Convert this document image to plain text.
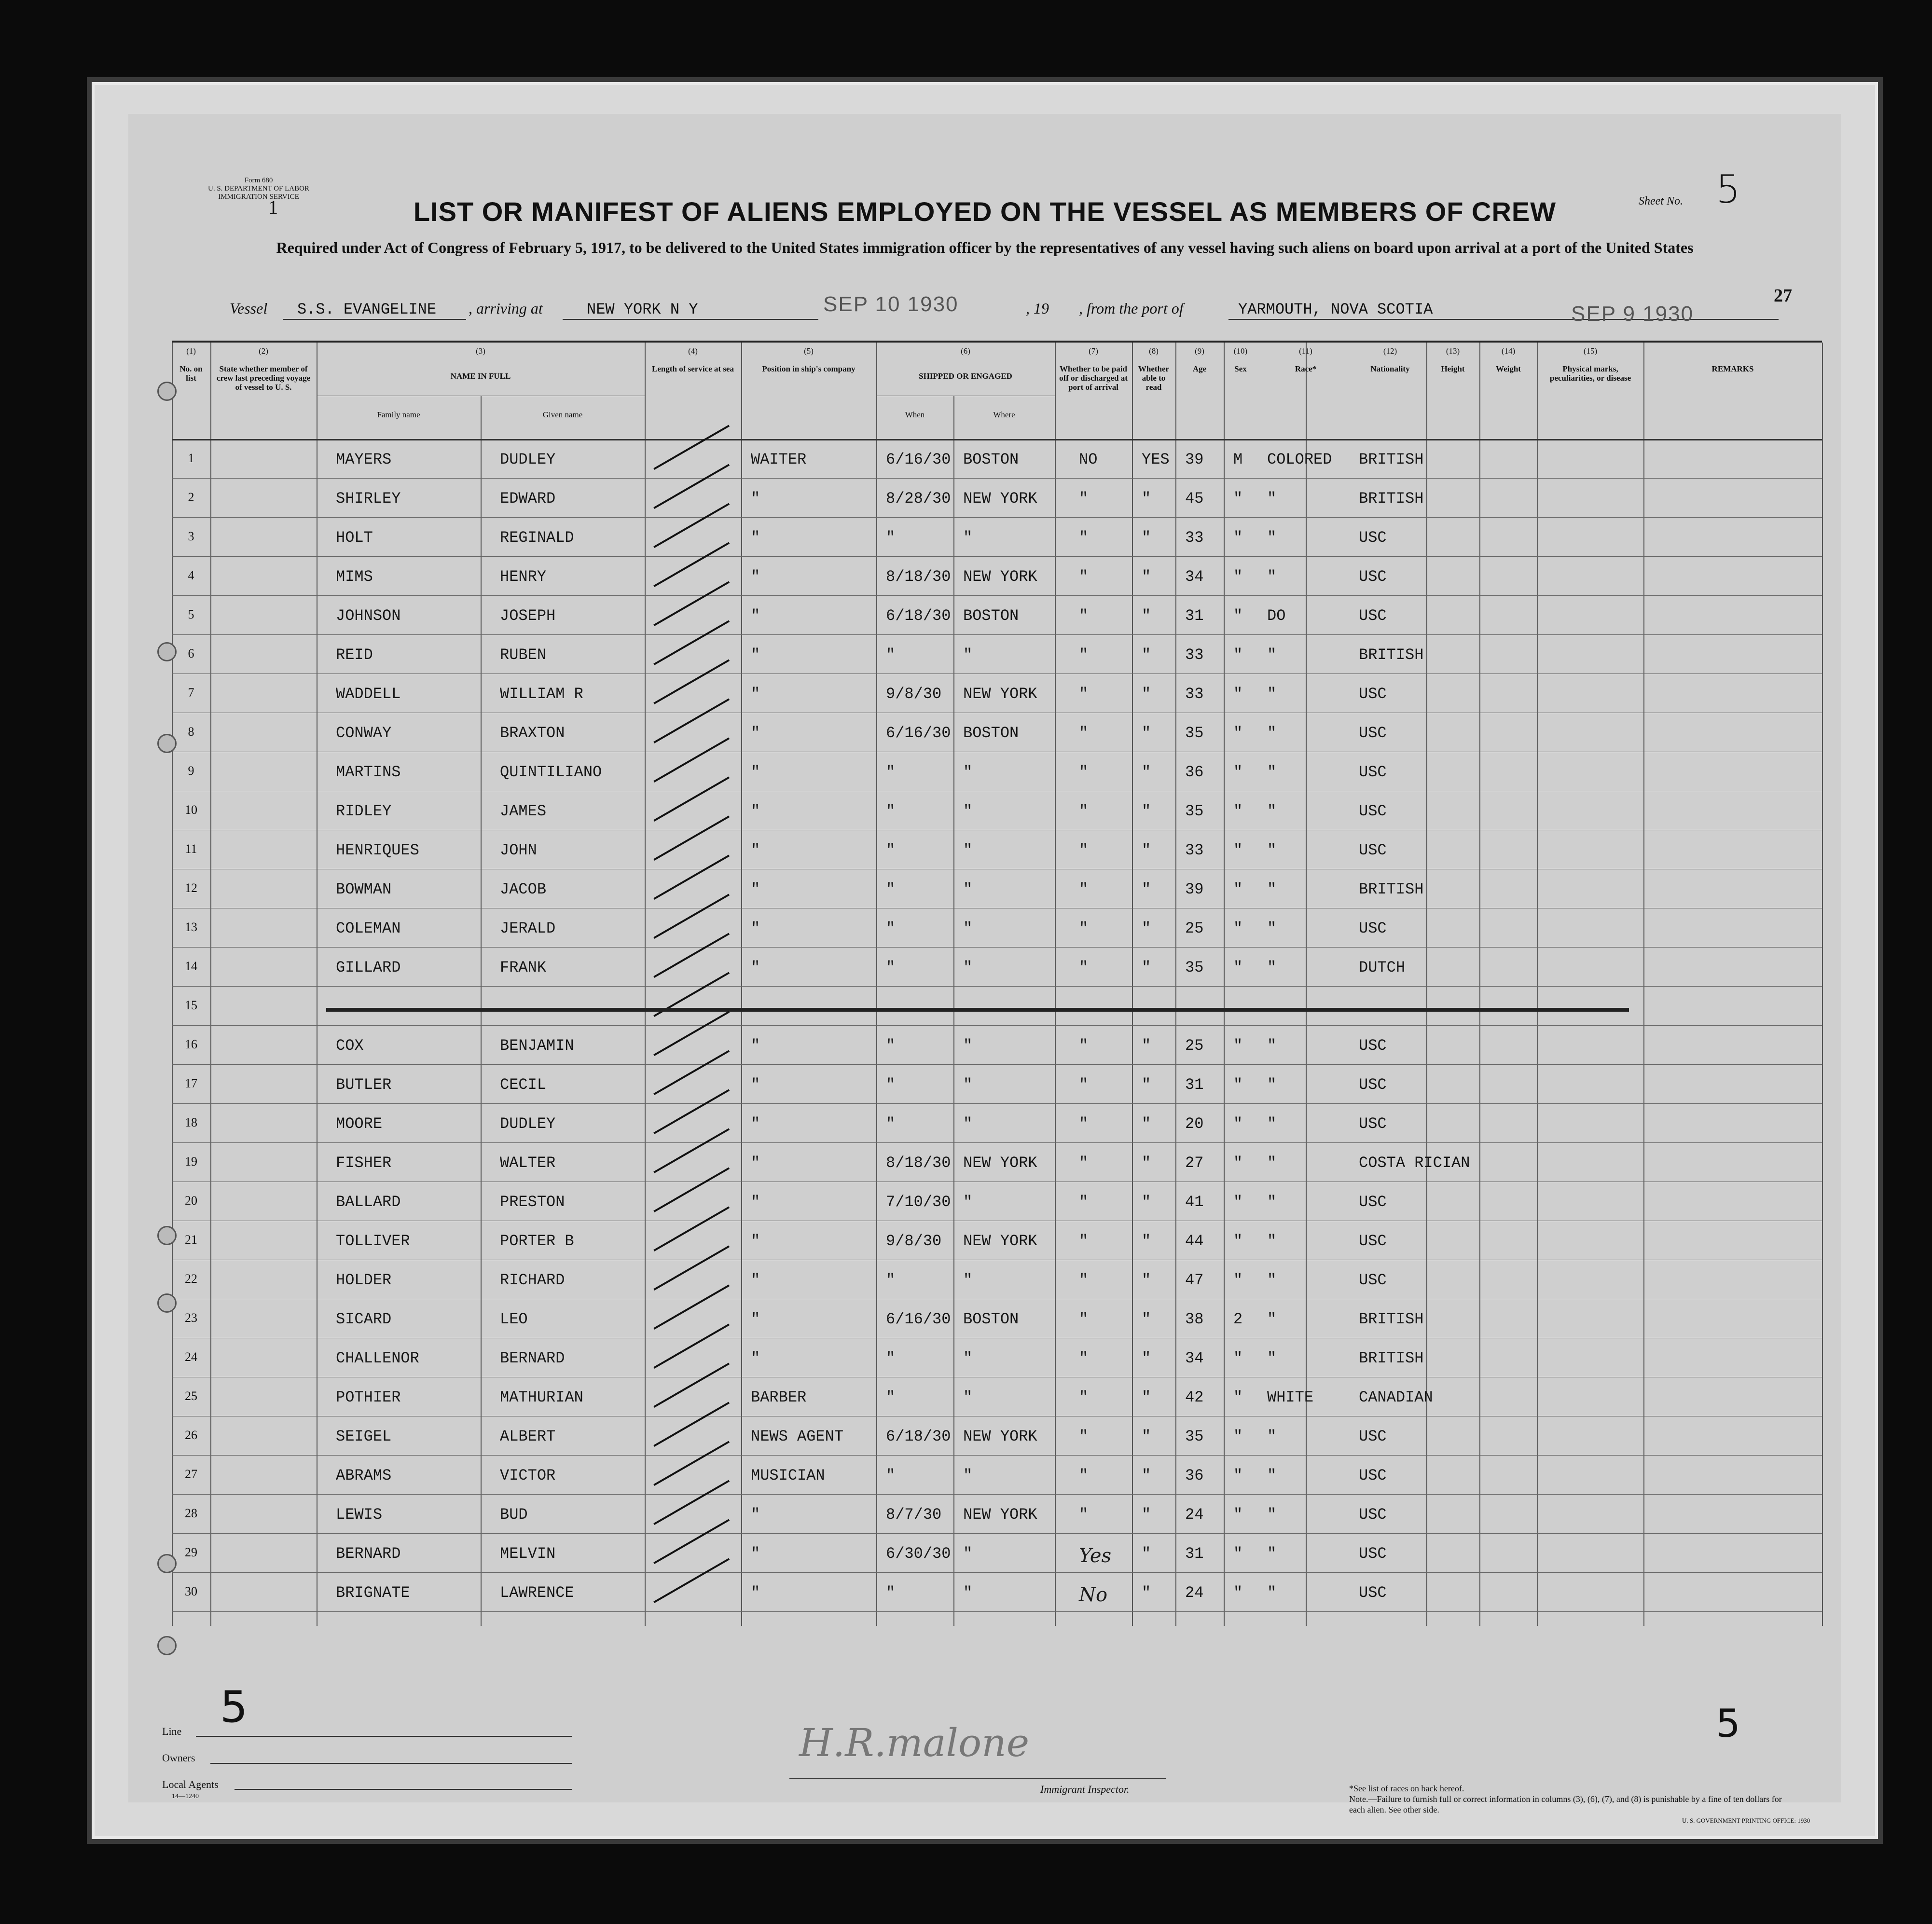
Form 680
U. S. DEPARTMENT OF LABOR
IMMIGRATION SERVICE
1	LIST OR MANIFEST OF ALIENS EMPLOYED ON THE VESSEL AS MEMBERS OF CREW
Required under Act of Congress of February 5, 1917, to be delivered to the United States immigration officer by the representatives of any vessel having such aliens on board upon arrival at a port of the United States
Sheet No. 5
27
Vessel S.S. EVANGELINE , arriving at	NEW YORK N Y	SEP 10 1930	, 19 , from the port of	YARMOUTH, NOVA SCOTIA	SEP 9 1930
(1)
No. on list
(2)
State whether member of crew last preceding voyage of vessel to U. S.
(3)
NAME IN FULL
(4)
Length of service at sea
(5)
Position in ship's company
(6)
SHIPPED OR ENGAGED
(7)
Whether to be paid off or discharged at port of arrival
(8)
Whether able to read
(9)
Age
(10)
Sex
(11)
Race*
(12)
Nationality
(13)
Height
(14)
Weight
(15)
Physical marks, peculiarities, or disease
REMARKS
Family name	Given name	When	Where
1	MAYERS	DUDLEY	WAITER	6/16/30 BOSTON	NO	YES 39 M COLORED BRITISH
2	SHIRLEY	EDWARD	"	8/28/30 NEW YORK	"	" 45 " "	BRITISH
3	HOLT	REGINALD	"	"	"	"	" 33 " "	USC
4	MIMS	HENRY	"	8/18/30 NEW YORK	"	" 34 " "	USC
5	JOHNSON	JOSEPH	"	6/18/30 BOSTON	"	" 31 " DO	USC
6	REID	RUBEN	"	"	"	"	" 33 " "	BRITISH
7	WADDELL	WILLIAM R	"	9/8/30 NEW YORK	"	" 33 " "	USC
8	CONWAY	BRAXTON	"	6/16/30 BOSTON	"	" 35 " "	USC
9	MARTINS	QUINTILIANO	"	"	"	"	" 36 " "	USC
10	RIDLEY	JAMES	"	"	"	"	" 35 " "	USC
11	HENRIQUES	JOHN	"	"	"	"	" 33 " "	USC
12	BOWMAN	JACOB	"	"	"	"	" 39 " "	BRITISH
13	COLEMAN	JERALD	"	"	"	"	" 25 " "	USC
14	GILLARD	FRANK	"	"	"	"	" 35 " "	DUTCH
15
16	COX	BENJAMIN	"	"	"	"	" 25 " "	USC
17	BUTLER	CECIL	"	"	"	"	" 31 " "	USC
18	MOORE	DUDLEY	"	"	"	"	" 20 " "	USC
19	FISHER	WALTER	"	8/18/30 NEW YORK	"	" 27 " "	COSTA RICIAN
20	BALLARD	PRESTON	"	7/10/30 "	"	" 41 " "	USC
21	TOLLIVER	PORTER B	"	9/8/30 NEW YORK	"	" 44 " "	USC
22	HOLDER	RICHARD	"	"	"	"	" 47 " "	USC
23	SICARD	LEO	"	6/16/30 BOSTON	"	" 38 2 "	BRITISH
24	CHALLENOR	BERNARD	"	"	"	"	" 34 " "	BRITISH
25	POTHIER	MATHURIAN	BARBER	"	"	"	" 42 " WHITE	CANADIAN
26	SEIGEL	ALBERT	NEWS AGENT	6/18/30 NEW YORK	"	" 35 " "	USC
27	ABRAMS	VICTOR	MUSICIAN	"	"	"	" 36 " "	USC
28	LEWIS	BUD	"	8/7/30 NEW YORK	"	" 24 " "	USC
29	BERNARD	MELVIN	"	6/30/30 "	Yes " 31 " "	USC
30	BRIGNATE	LAWRENCE	"	"	"	No " 24 " "	USC
Line
Owners
Local Agents
14—1240
H.R.malone
Immigrant Inspector.	*See list of races on back hereof.
Note.—Failure to furnish full or correct information in columns (3), (6), (7), and (8) is punishable by a fine of ten dollars for each alien. See other side.
U. S. GOVERNMENT PRINTING OFFICE: 1930
5	5
